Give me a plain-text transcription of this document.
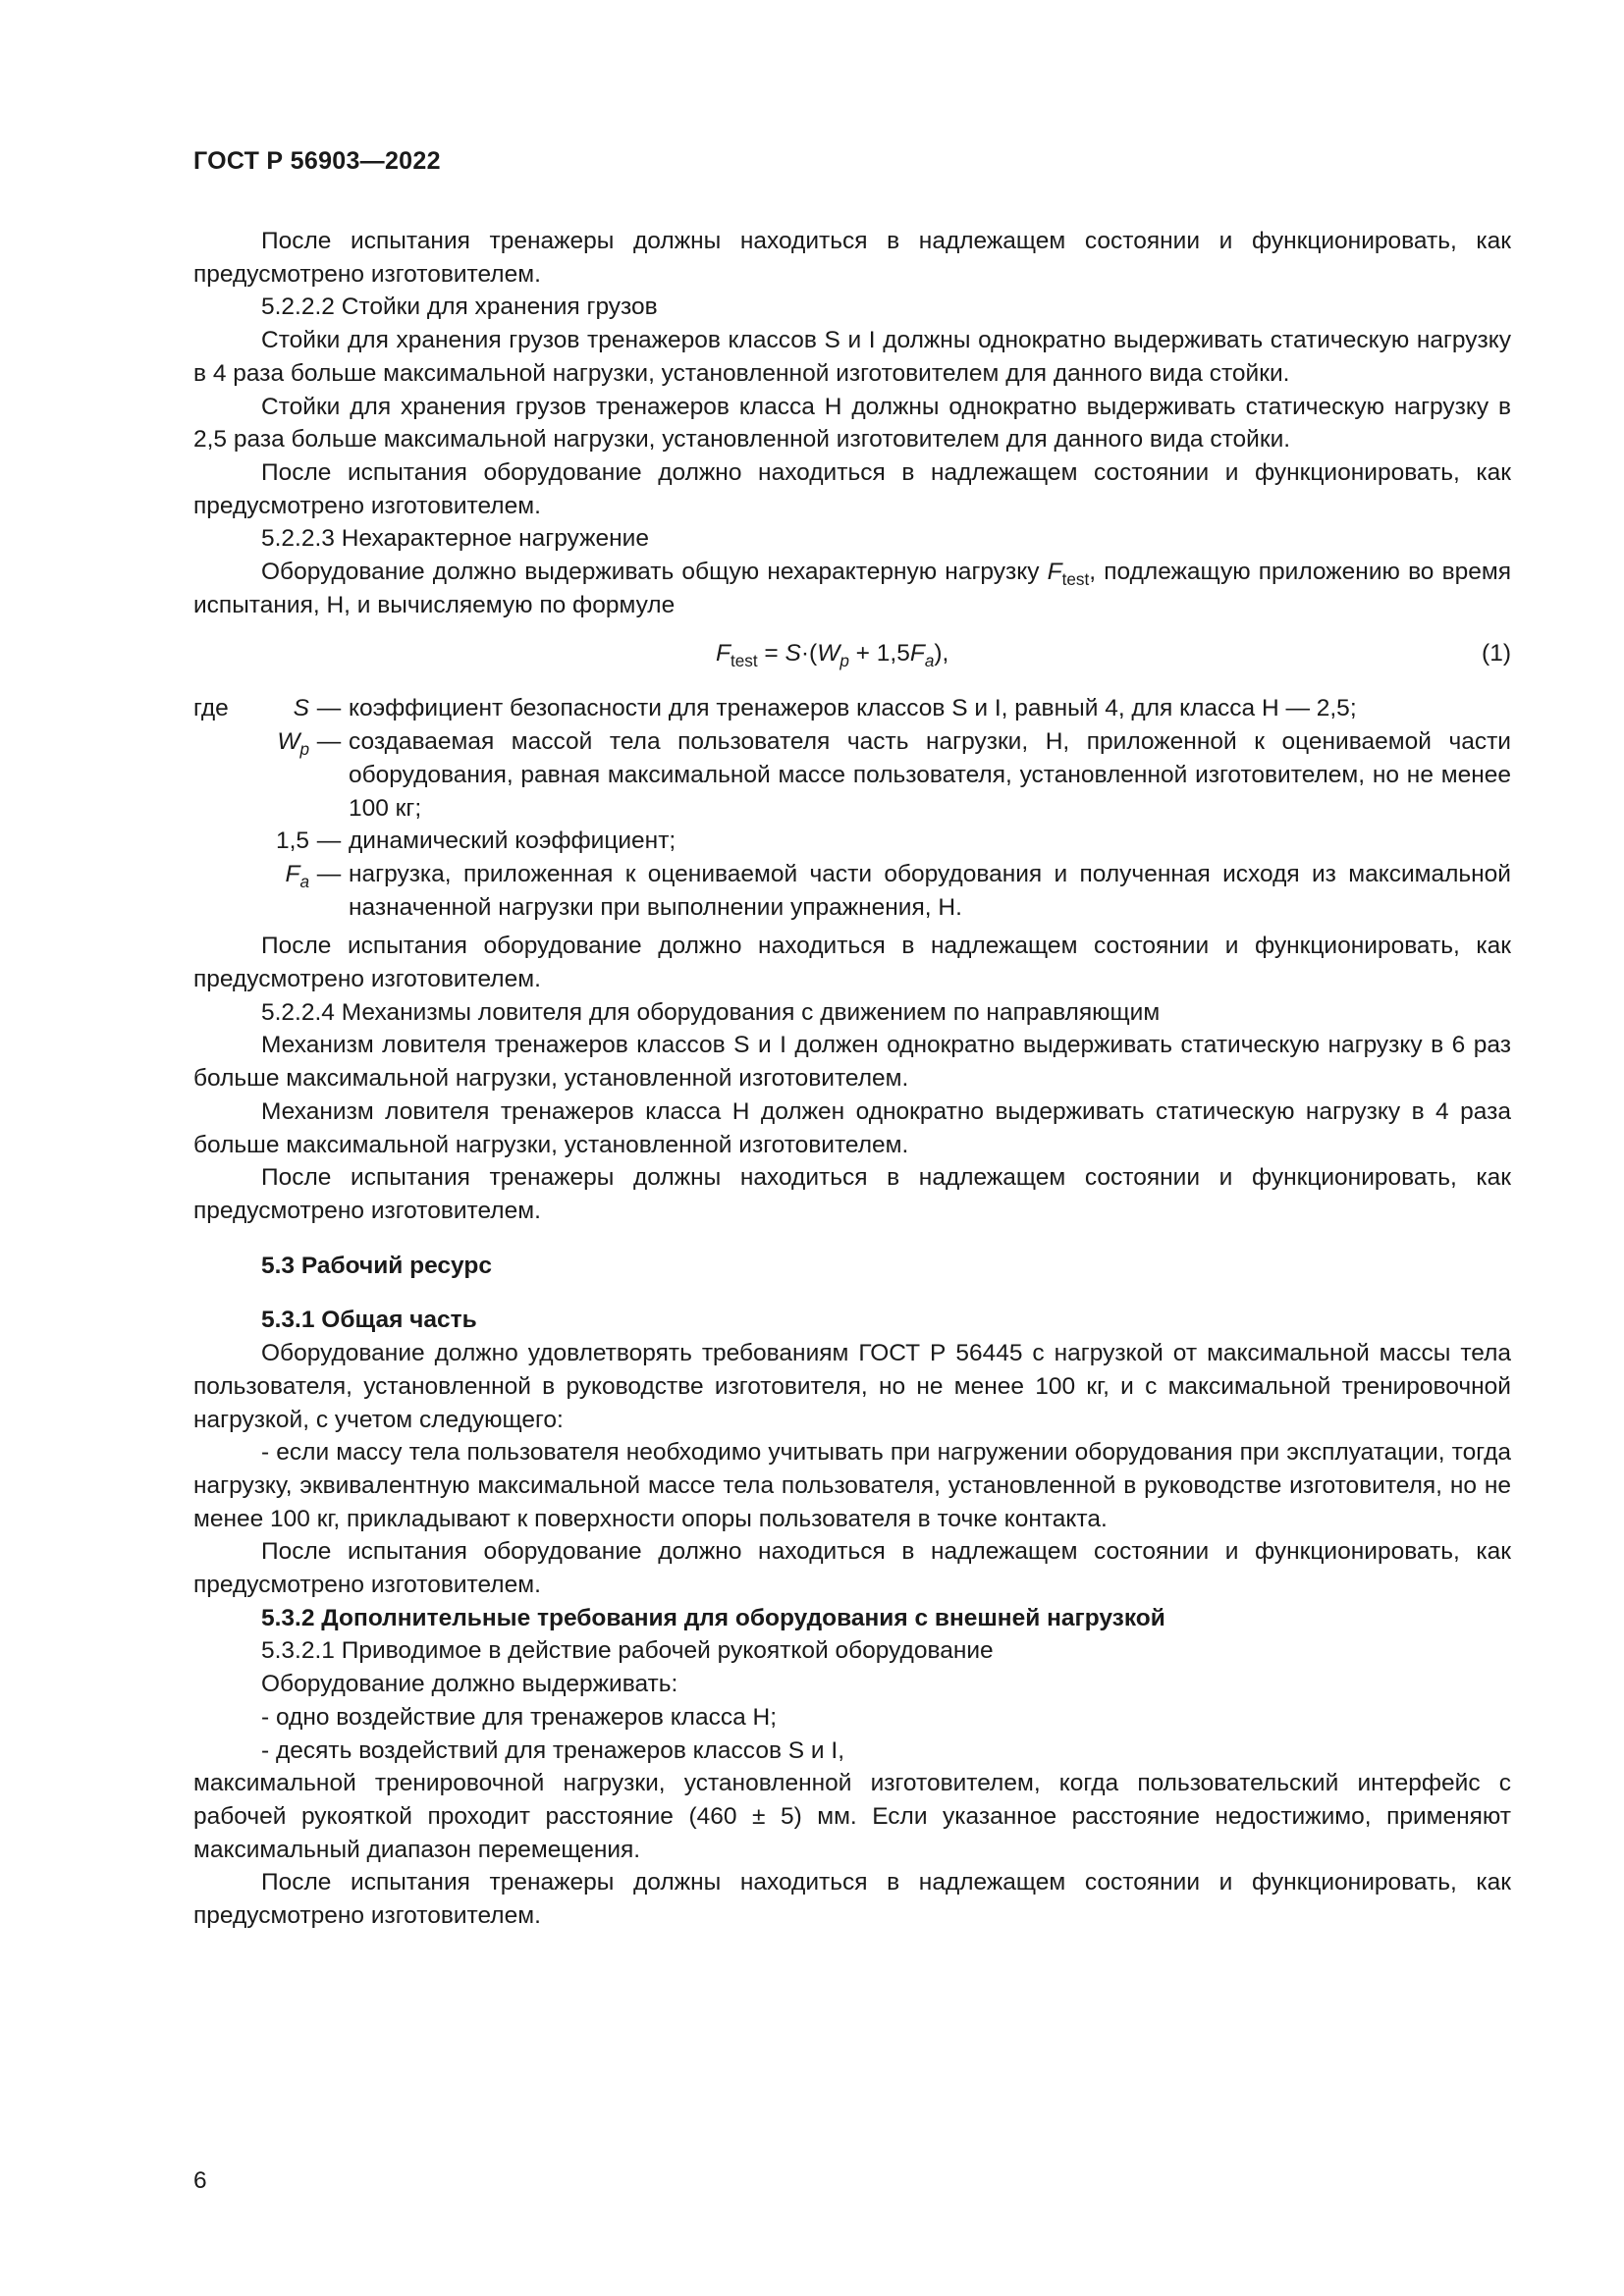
ГОСТ Р 56903—2022

После испытания тренажеры должны находиться в надлежащем состоянии и функционировать, как предусмотрено изготовителем.

5.2.2.2 Стойки для хранения грузов

Стойки для хранения грузов тренажеров классов S и I должны однократно выдерживать статическую нагрузку в 4 раза больше максимальной нагрузки, установленной изготовителем для данного вида стойки.

Стойки для хранения грузов тренажеров класса H должны однократно выдерживать статическую нагрузку в 2,5 раза больше максимальной нагрузки, установленной изготовителем для данного вида стойки.

После испытания оборудование должно находиться в надлежащем состоянии и функционировать, как предусмотрено изготовителем.

5.2.2.3 Нехарактерное нагружение

Оборудование должно выдерживать общую нехарактерную нагрузку $F_{test}$, подлежащую приложению во время испытания, Н, и вычисляемую по формуле

$F_{test} = S\cdot(W_p + 1,5F_a)$,	(1)
где S	—	коэффициент безопасности для тренажеров классов S и I, равный 4, для класса H — 2,5;
$W_p$	—	создаваемая массой тела пользователя часть нагрузки, Н, приложенной к оцениваемой части оборудования, равная максимальной массе пользователя, установленной изготовителем, но не менее 100 кг;
1,5	—	динамический коэффициент;
$F_a$	—	нагрузка, приложенная к оцениваемой части оборудования и полученная исходя из максимальной назначенной нагрузки при выполнении упражнения, Н.

После испытания оборудование должно находиться в надлежащем состоянии и функционировать, как предусмотрено изготовителем.

5.2.2.4 Механизмы ловителя для оборудования с движением по направляющим

Механизм ловителя тренажеров классов S и I должен однократно выдерживать статическую нагрузку в 6 раз больше максимальной нагрузки, установленной изготовителем.

Механизм ловителя тренажеров класса H должен однократно выдерживать статическую нагрузку в 4 раза больше максимальной нагрузки, установленной изготовителем.

После испытания тренажеры должны находиться в надлежащем состоянии и функционировать, как предусмотрено изготовителем.

5.3 Рабочий ресурс

5.3.1 Общая часть

Оборудование должно удовлетворять требованиям ГОСТ Р 56445 с нагрузкой от максимальной массы тела пользователя, установленной в руководстве изготовителя, но не менее 100 кг, и с максимальной тренировочной нагрузкой, с учетом следующего:

- если массу тела пользователя необходимо учитывать при нагружении оборудования при эксплуатации, тогда нагрузку, эквивалентную максимальной массе тела пользователя, установленной в руководстве изготовителя, но не менее 100 кг, прикладывают к поверхности опоры пользователя в точке контакта.

После испытания оборудование должно находиться в надлежащем состоянии и функционировать, как предусмотрено изготовителем.

5.3.2 Дополнительные требования для оборудования с внешней нагрузкой

5.3.2.1 Приводимое в действие рабочей рукояткой оборудование

Оборудование должно выдерживать:

- одно воздействие для тренажеров класса H;

- десять воздействий для тренажеров классов S и I,

максимальной тренировочной нагрузки, установленной изготовителем, когда пользовательский интерфейс с рабочей рукояткой проходит расстояние (460 ± 5) мм. Если указанное расстояние недостижимо, применяют максимальный диапазон перемещения.

После испытания тренажеры должны находиться в надлежащем состоянии и функционировать, как предусмотрено изготовителем.

6
